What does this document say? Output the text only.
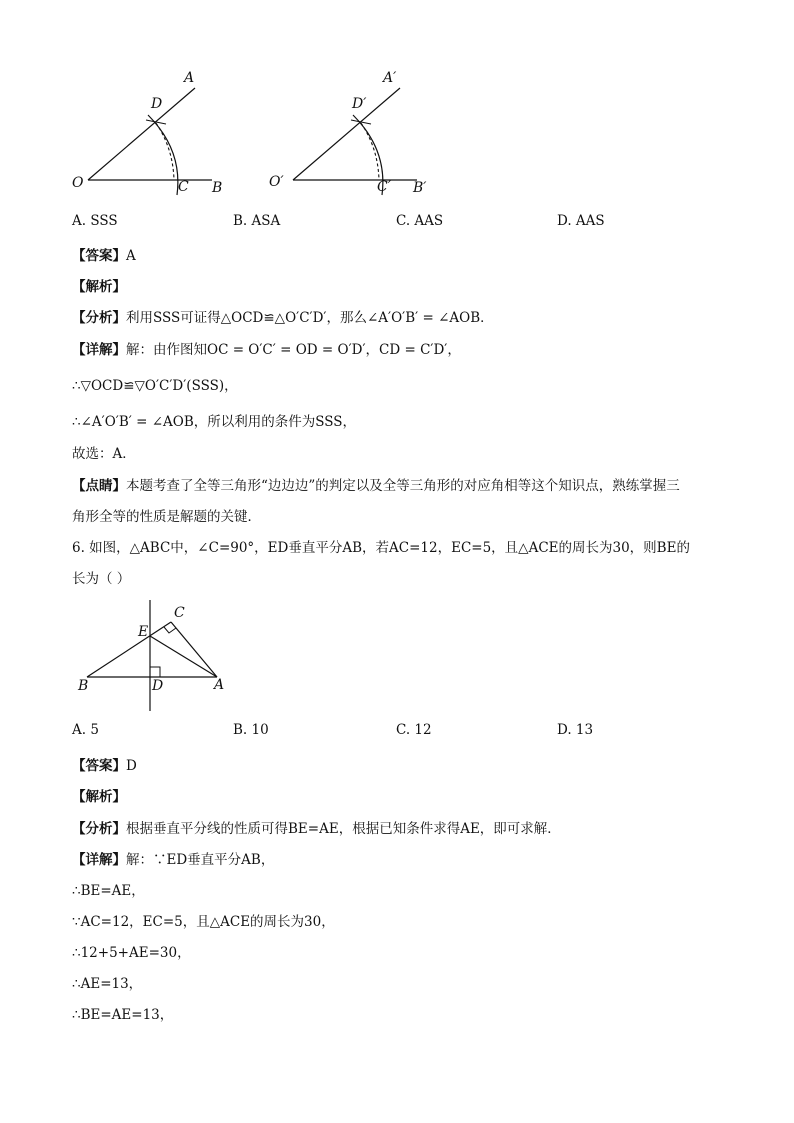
A
D
O	C B
A′
D′
O′	C′ B′
A. SSS	B. ASA	C. AAS	D. AAS
【答案】A
【解析】
【分析】利用SSS可证得△OCD≌△O′C′D′，那么∠A′O′B′ = ∠AOB．
【详解】解：由作图知OC = O′C′ = OD = O′D′，CD = C′D′，
∴▽OCD≌▽O′C′D′(SSS)，
∴∠A′O′B′ = ∠AOB，所以利用的条件为SSS，
故选：A．
【点睛】本题考查了全等三角形“边边边”的判定以及全等三角形的对应角相等这个知识点，熟练掌握三
角形全等的性质是解题的关键．
6. 如图，△ABC中，∠C=90°，ED垂直平分AB，若AC=12，EC=5，且△ACE的周长为30，则BE的
长为（ ）
C
E
B	D	A
A. 5	B. 10	C. 12	D. 13
【答案】D
【解析】
【分析】根据垂直平分线的性质可得BE=AE，根据已知条件求得AE，即可求解．
【详解】解：∵ED垂直平分AB，
∴BE=AE，
∵AC=12，EC=5，且△ACE的周长为30，
∴12+5+AE=30，
∴AE=13，
∴BE=AE=13，
